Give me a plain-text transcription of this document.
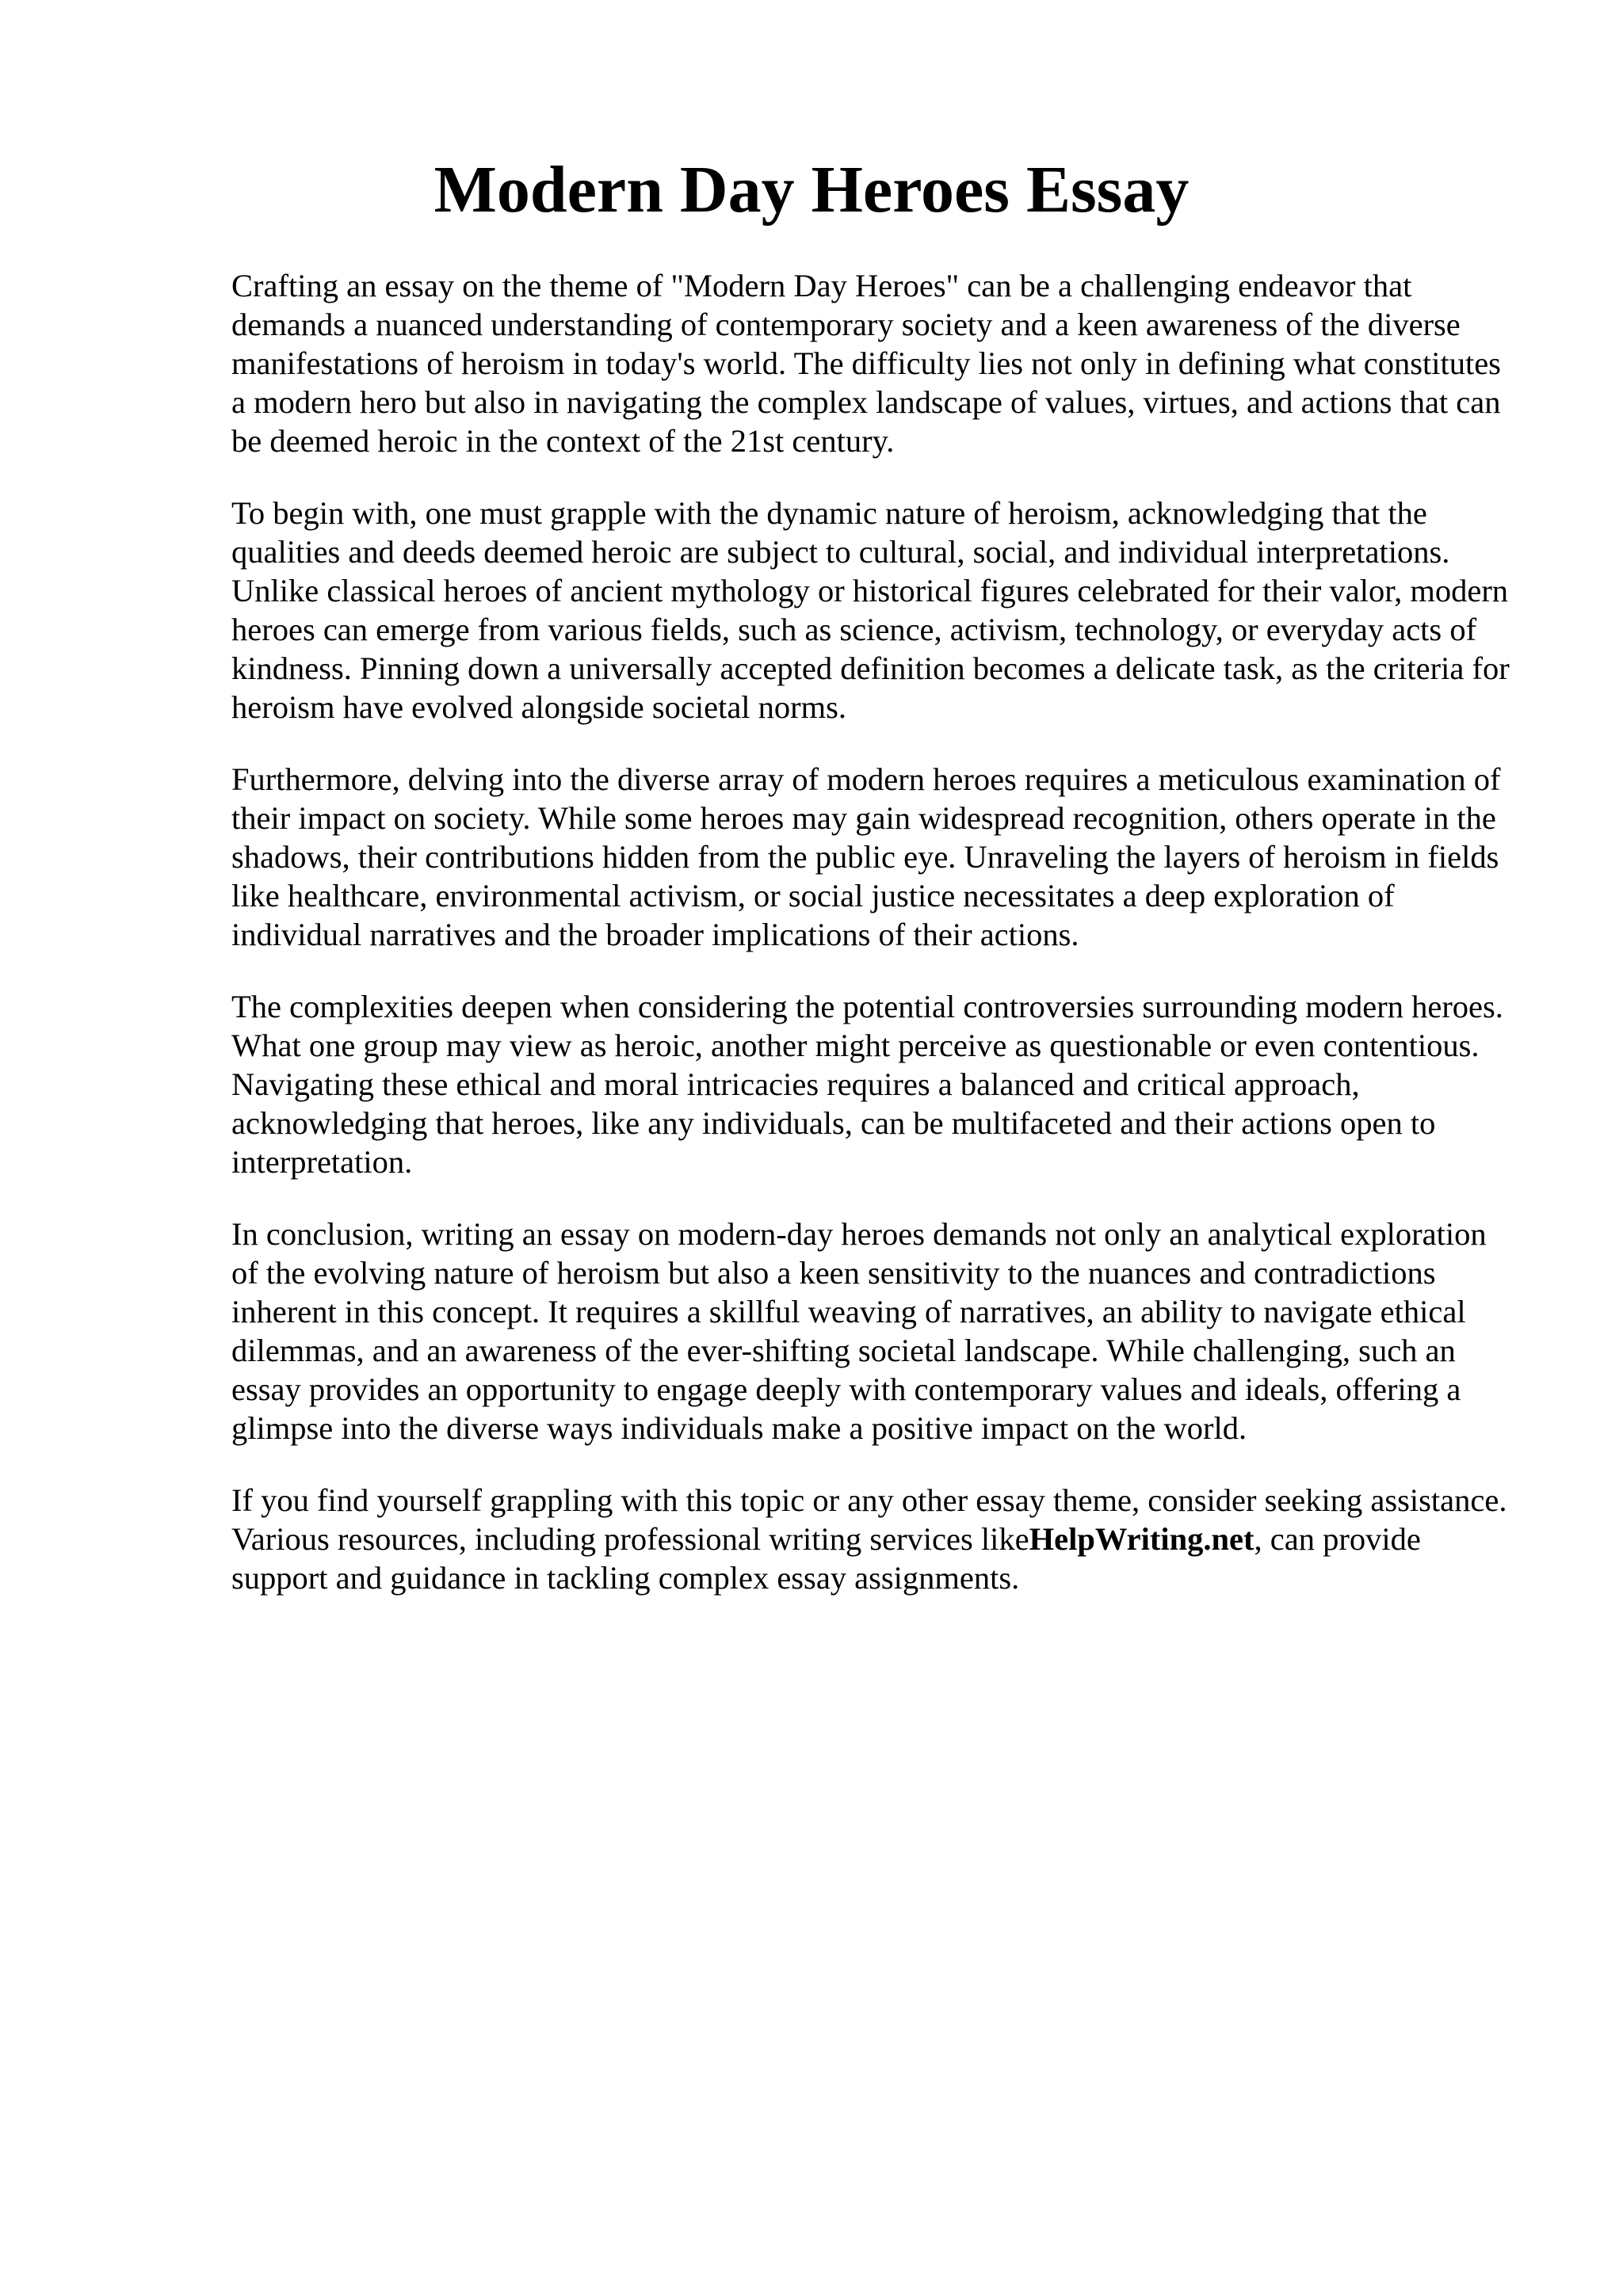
Modern Day Heroes Essay

Crafting an essay on the theme of "Modern Day Heroes" can be a challenging endeavor that demands a nuanced understanding of contemporary society and a keen awareness of the diverse manifestations of heroism in today's world. The difficulty lies not only in defining what constitutes a modern hero but also in navigating the complex landscape of values, virtues, and actions that can be deemed heroic in the context of the 21st century.

To begin with, one must grapple with the dynamic nature of heroism, acknowledging that the qualities and deeds deemed heroic are subject to cultural, social, and individual interpretations. Unlike classical heroes of ancient mythology or historical figures celebrated for their valor, modern heroes can emerge from various fields, such as science, activism, technology, or everyday acts of kindness. Pinning down a universally accepted definition becomes a delicate task, as the criteria for heroism have evolved alongside societal norms.

Furthermore, delving into the diverse array of modern heroes requires a meticulous examination of their impact on society. While some heroes may gain widespread recognition, others operate in the shadows, their contributions hidden from the public eye. Unraveling the layers of heroism in fields like healthcare, environmental activism, or social justice necessitates a deep exploration of individual narratives and the broader implications of their actions.

The complexities deepen when considering the potential controversies surrounding modern heroes. What one group may view as heroic, another might perceive as questionable or even contentious. Navigating these ethical and moral intricacies requires a balanced and critical approach, acknowledging that heroes, like any individuals, can be multifaceted and their actions open to interpretation.

In conclusion, writing an essay on modern-day heroes demands not only an analytical exploration of the evolving nature of heroism but also a keen sensitivity to the nuances and contradictions inherent in this concept. It requires a skillful weaving of narratives, an ability to navigate ethical dilemmas, and an awareness of the ever-shifting societal landscape. While challenging, such an essay provides an opportunity to engage deeply with contemporary values and ideals, offering a glimpse into the diverse ways individuals make a positive impact on the world.

If you find yourself grappling with this topic or any other essay theme, consider seeking assistance. Various resources, including professional writing services likeHelpWriting.net, can provide support and guidance in tackling complex essay assignments.
